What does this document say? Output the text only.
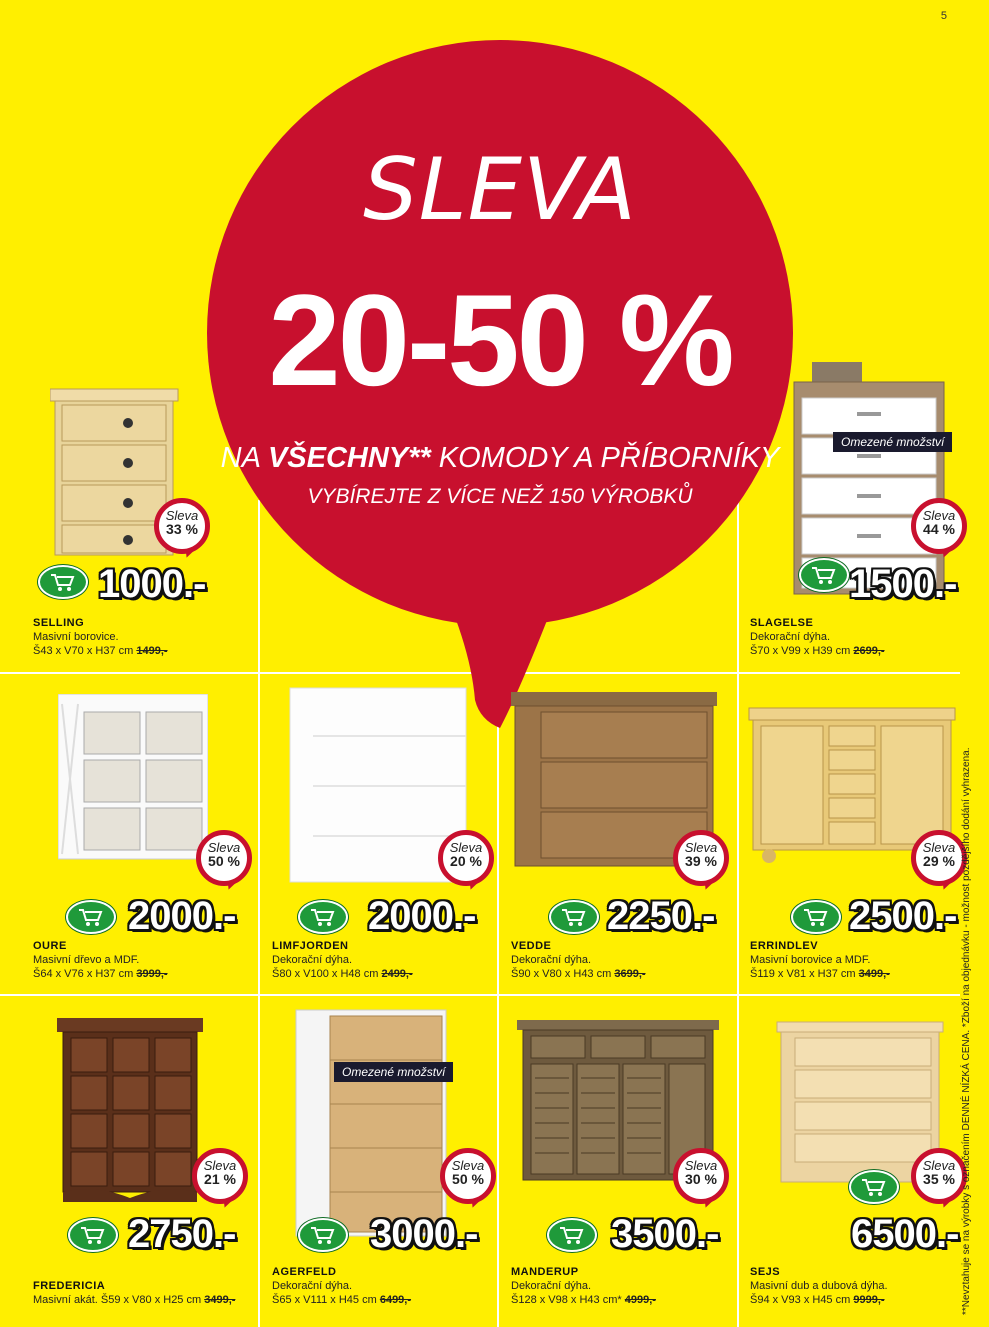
5
SLEVA
20-50 %
NA VŠECHNY** KOMODY A PŘÍBORNÍKY
VYBÍREJTE Z VÍCE NEŽ 150 VÝROBKŮ
Sleva
33 %
1000.-
SELLING
Masivní borovice.
Š43 x V70 x H37 cm 1499,-
Omezené množství
Sleva
44 %
1500.-
SLAGELSE
Dekorační dýha.
Š70 x V99 x H39 cm 2699,-
Sleva
50 %
2000.-
OURE
Masivní dřevo a MDF.
Š64 x V76 x H37 cm 3999,-
Sleva
20 %
2000.-
LIMFJORDEN
Dekorační dýha.
Š80 x V100 x H48 cm 2499,-
Sleva
39 %
2250.-
VEDDE
Dekorační dýha.
Š90 x V80 x H43 cm 3699,-
Sleva
29 %
2500.-
ERRINDLEV
Masivní borovice a MDF.
Š119 x V81 x H37 cm 3499,-
Sleva
21 %
2750.-
FREDERICIA
Masivní akát. Š59 x V80 x H25 cm 3499,-
Omezené množství
Sleva
50 %
3000.-
AGERFELD
Dekorační dýha.
Š65 x V111 x H45 cm 6499,-
Sleva
30 %
3500.-
MANDERUP
Dekorační dýha.
Š128 x V98 x H43 cm* 4999,-
Sleva
35 %
6500.-
SEJS
Masivní dub a dubová dýha.
Š94 x V93 x H45 cm 9999,-	**Nevztahuje se na výrobky s označením DENNÉ NÍZKÁ CENA. *Zboží na objednávku - možnost pozdějšího dodání vyhrazena.
